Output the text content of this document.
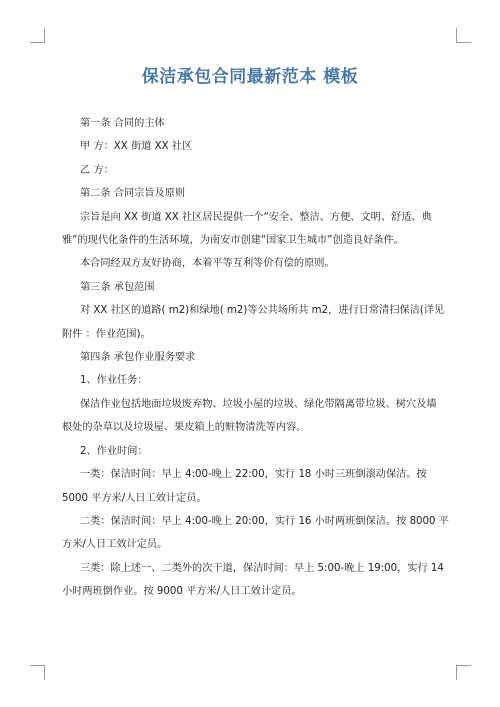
保洁承包合同最新范本 模板

第一条 合同的主体

甲 方：XX 街道 XX 社区

乙 方：

第二条 合同宗旨及原则

宗旨是向 XX 街道 XX 社区居民提供一个“安全、整洁、方便、文明、舒适、典

雅”的现代化条件的生活环境，为南安市创建“国家卫生城市”创造良好条件。

本合同经双方友好协商，本着平等互利等价有偿的原则。

第三条 承包范围

对 XX 社区的道路( m2)和绿地( m2)等公共场所共 m2，进行日常清扫保洁(详见

附件 ：作业范围)。

第四条 承包作业服务要求

1、作业任务：

保洁作业包括地面垃圾废弃物、垃圾小屋的垃圾、绿化带隔离带垃圾、树穴及墙

根处的杂草以及垃圾屋、果皮箱上的赃物清洗等内容。

2、作业时间：

一类：保洁时间：早上 4:00-晚上 22:00，实行 18 小时三班倒滚动保洁。按

5000 平方米/人日工效计定员。

二类：保洁时间：早上 4:00-晚上 20:00，实行 16 小时两班倒保洁。按 8000 平

方米/人日工效计定员。

三类：除上述一、二类外的次干道，保洁时间：早上 5:00-晚上 19:00，实行 14

小时两班倒作业。按 9000 平方米/人日工效计定员。
